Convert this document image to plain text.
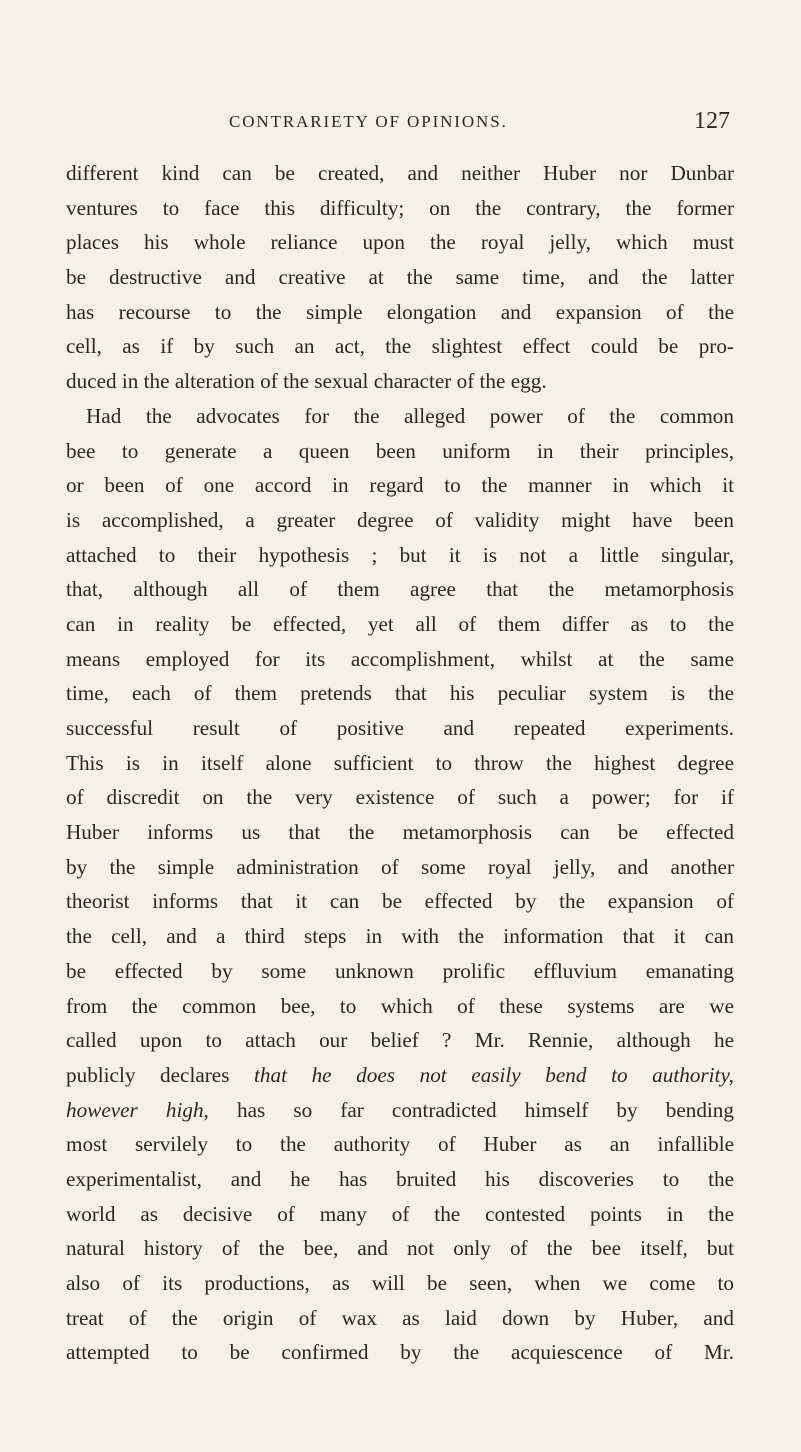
CONTRARIETY OF OPINIONS.	127
different kind can be created, and neither Huber nor Dunbar
ventures to face this difficulty; on the contrary, the former
places his whole reliance upon the royal jelly, which must
be destructive and creative at the same time, and the latter
has recourse to the simple elongation and expansion of the
cell, as if by such an act, the slightest effect could be pro-
duced in the alteration of the sexual character of the egg.
Had the advocates for the alleged power of the common
bee to generate a queen been uniform in their principles,
or been of one accord in regard to the manner in which it
is accomplished, a greater degree of validity might have been
attached to their hypothesis ; but it is not a little singular,
that, although all of them agree that the metamorphosis
can in reality be effected, yet all of them differ as to the
means employed for its accomplishment, whilst at the same
time, each of them pretends that his peculiar system is the
successful result of positive and repeated experiments.
This is in itself alone sufficient to throw the highest degree
of discredit on the very existence of such a power; for if
Huber informs us that the metamorphosis can be effected
by the simple administration of some royal jelly, and another
theorist informs that it can be effected by the expansion of
the cell, and a third steps in with the information that it can
be effected by some unknown prolific effluvium emanating
from the common bee, to which of these systems are we
called upon to attach our belief ? Mr. Rennie, although he
publicly declares that he does not easily bend to authority,
however high, has so far contradicted himself by bending
most servilely to the authority of Huber as an infallible
experimentalist, and he has bruited his discoveries to the
world as decisive of many of the contested points in the
natural history of the bee, and not only of the bee itself, but
also of its productions, as will be seen, when we come to
treat of the origin of wax as laid down by Huber, and
attempted to be confirmed by the acquiescence of Mr.
